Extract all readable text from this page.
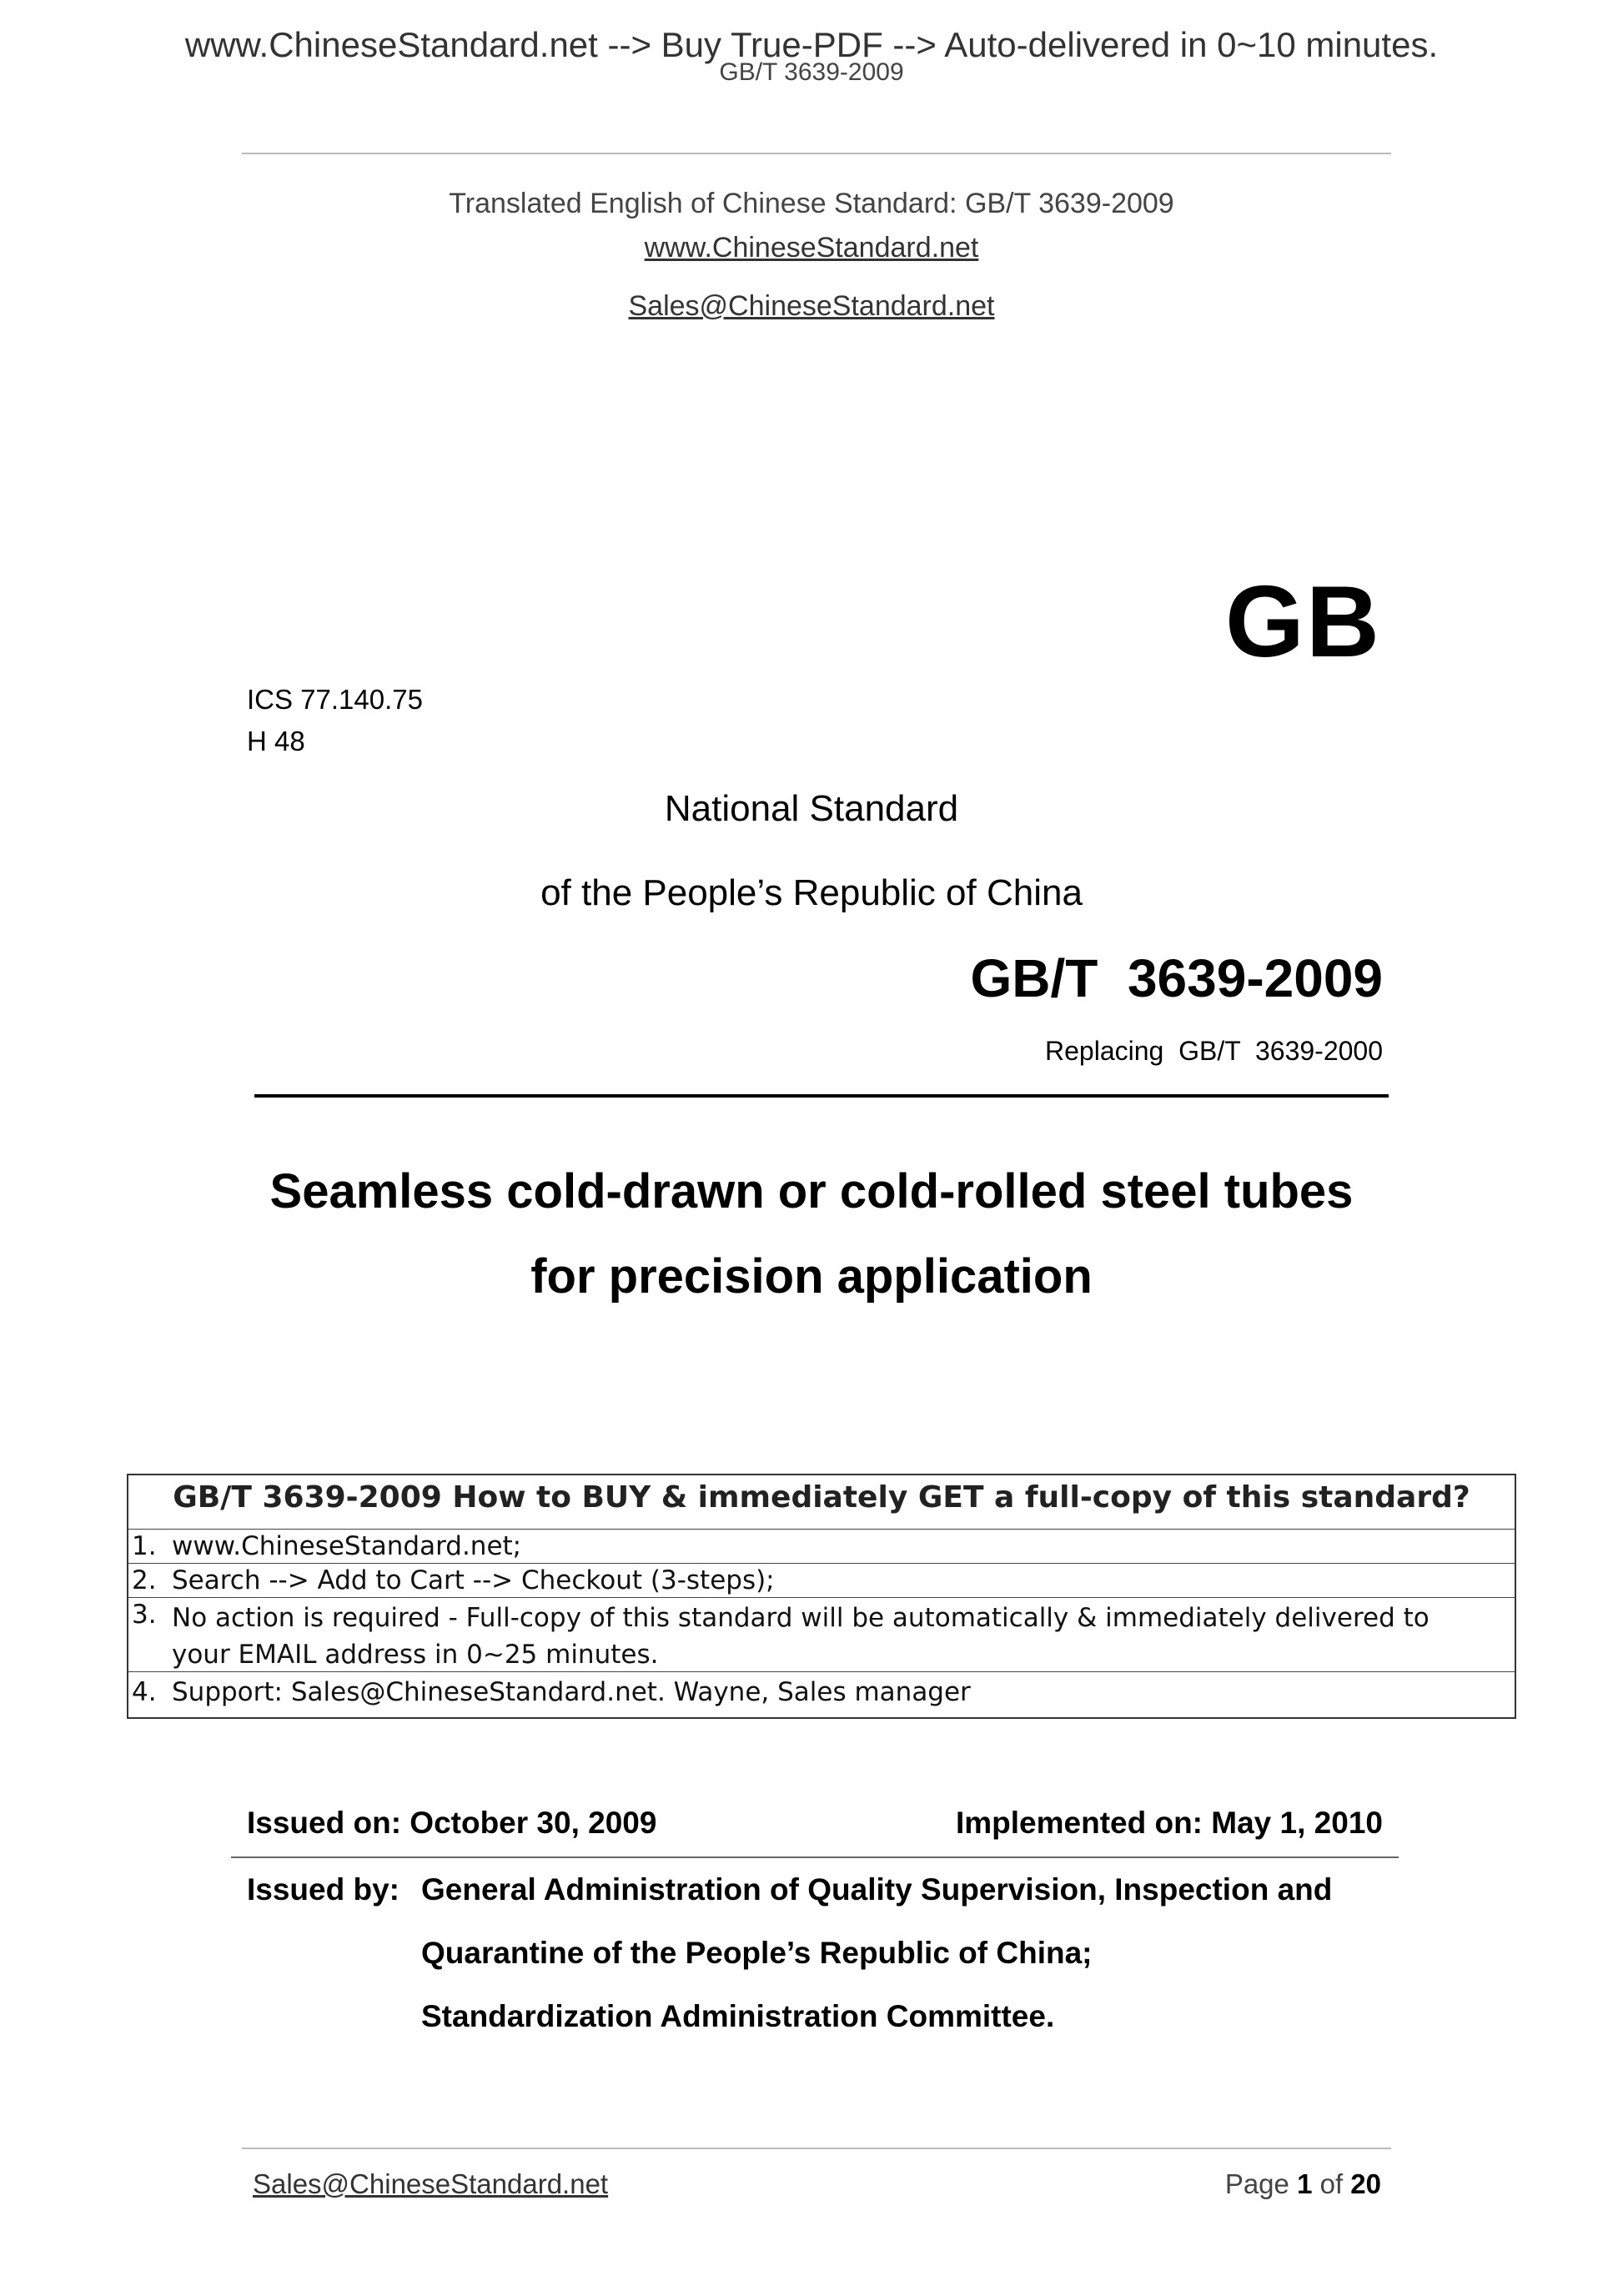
www.ChineseStandard.net --> Buy True-PDF --> Auto-delivered in 0~10 minutes.
GB/T 3639-2009
Translated English of Chinese Standard: GB/T 3639-2009
www.ChineseStandard.net
Sales@ChineseStandard.net
GB
ICS 77.140.75
H 48
National Standard
of the People’s Republic of China
GB/T  3639-2009
Replacing  GB/T  3639-2000
Seamless cold-drawn or cold-rolled steel tubes
for precision application
GB/T 3639-2009 How to BUY & immediately GET a full-copy of this standard?
1. www.ChineseStandard.net;
2. Search --> Add to Cart --> Checkout (3-steps);
3. No action is required - Full-copy of this standard will be automatically & immediately delivered to your EMAIL address in 0~25 minutes.
4. Support: Sales@ChineseStandard.net. Wayne, Sales manager
Issued on: October 30, 2009	Implemented on: May 1, 2010
Issued by: General Administration of Quality Supervision, Inspection and
Quarantine of the People’s Republic of China;
Standardization Administration Committee.
Sales@ChineseStandard.net	Page 1 of 20
